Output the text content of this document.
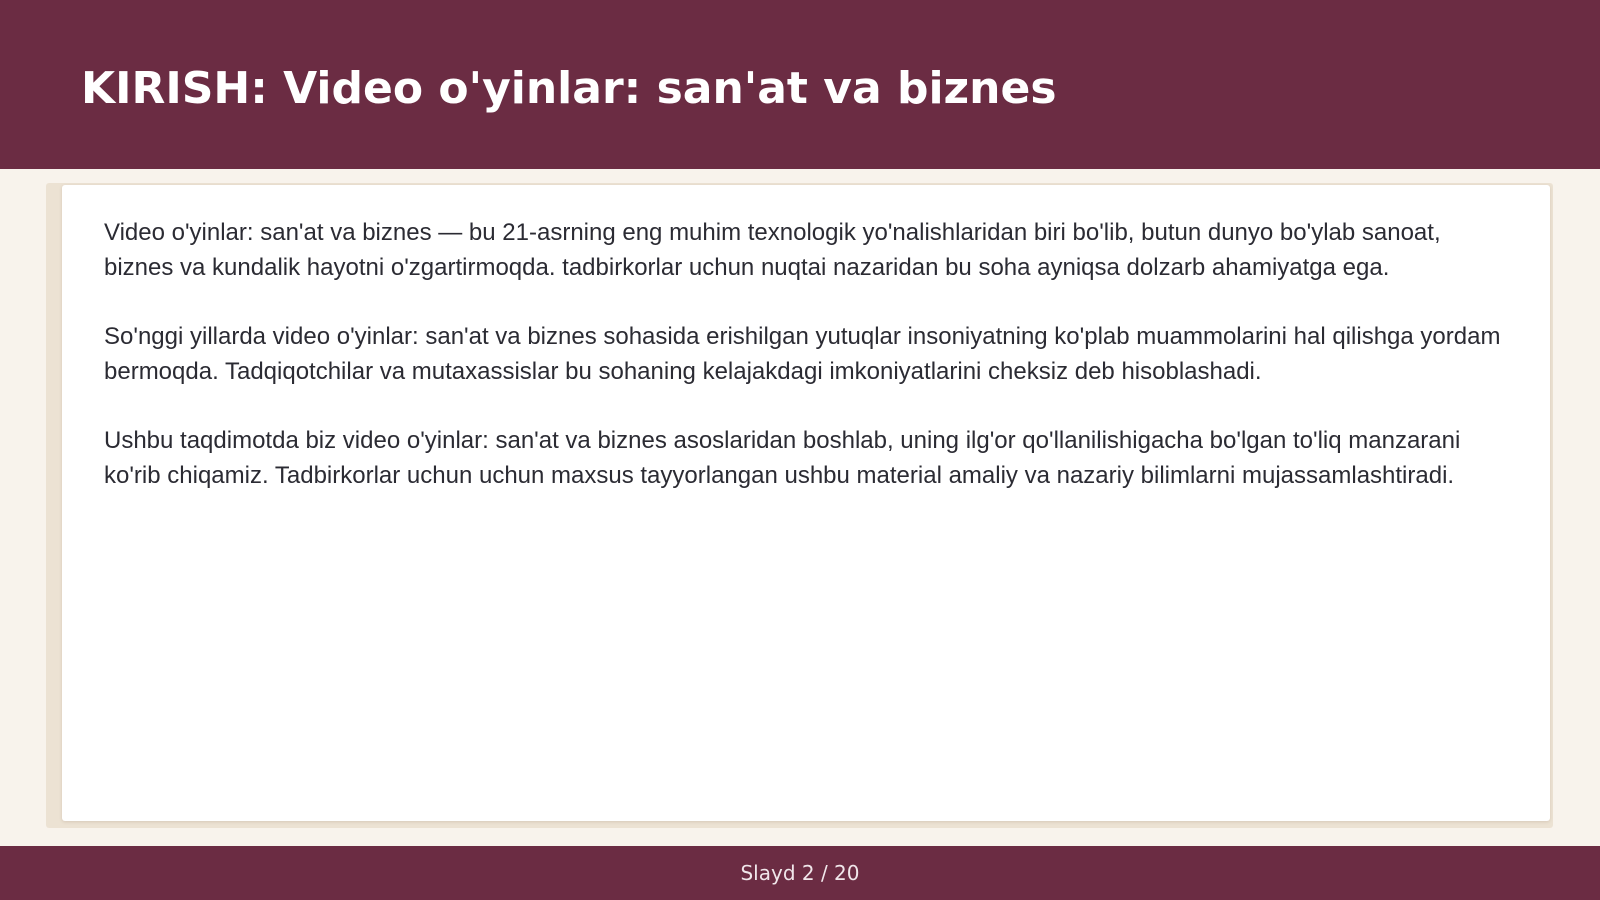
KIRISH: Video o'yinlar: san'at va biznes

Video o'yinlar: san'at va biznes — bu 21-asrning eng muhim texnologik yo'nalishlaridan biri bo'lib, butun dunyo bo'ylab sanoat, biznes va kundalik hayotni o'zgartirmoqda. tadbirkorlar uchun nuqtai nazaridan bu soha ayniqsa dolzarb ahamiyatga ega.

So'nggi yillarda video o'yinlar: san'at va biznes sohasida erishilgan yutuqlar insoniyatning ko'plab muammolarini hal qilishga yordam bermoqda. Tadqiqotchilar va mutaxassislar bu sohaning kelajakdagi imkoniyatlarini cheksiz deb hisoblashadi.

Ushbu taqdimotda biz video o'yinlar: san'at va biznes asoslaridan boshlab, uning ilg'or qo'llanilishigacha bo'lgan to'liq manzarani ko'rib chiqamiz. Tadbirkorlar uchun uchun maxsus tayyorlangan ushbu material amaliy va nazariy bilimlarni mujassamlashtiradi.

Slayd 2 / 20
